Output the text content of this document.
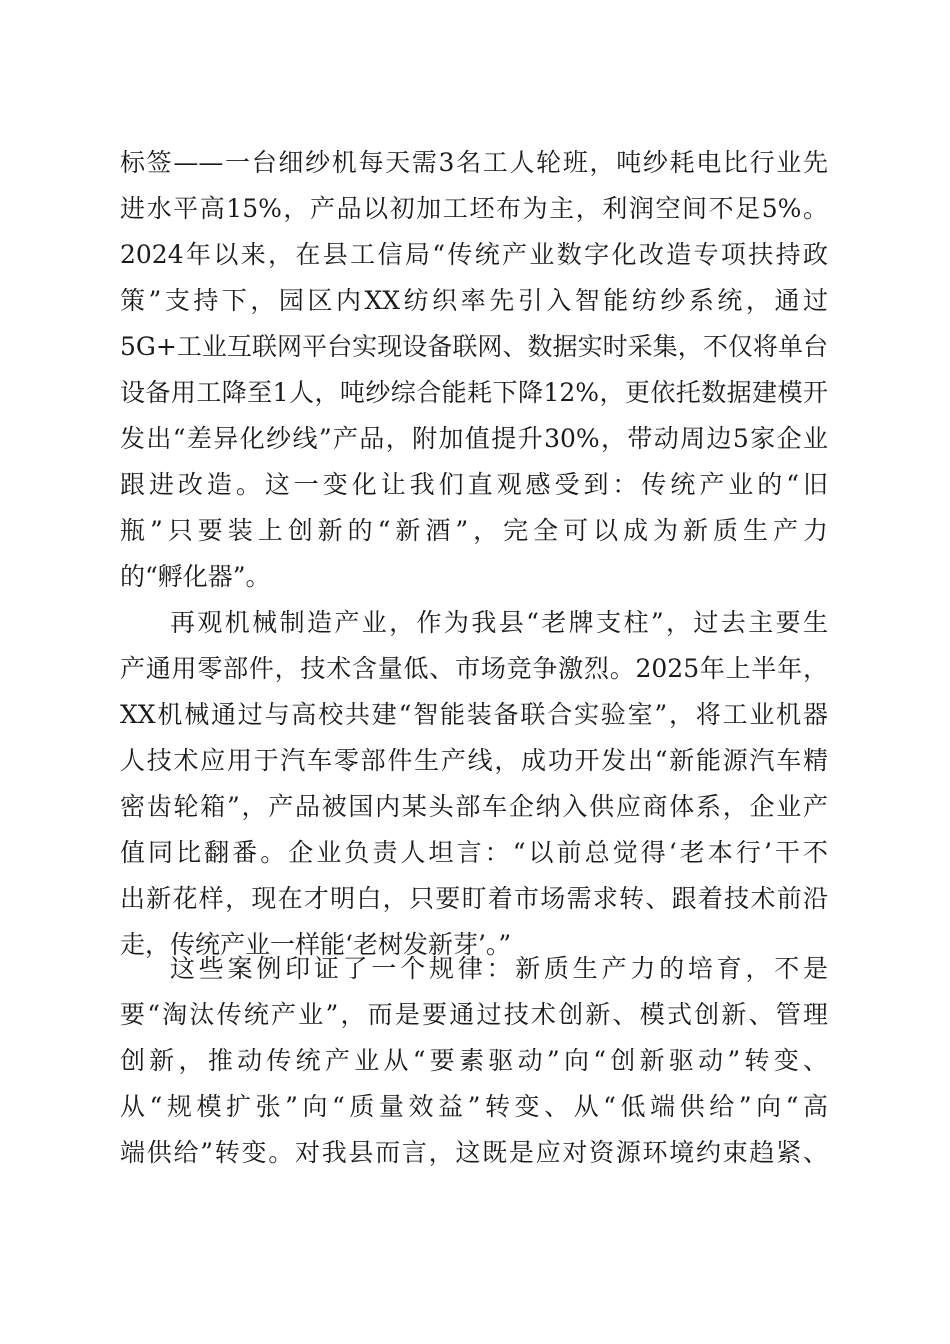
标签——一台细纱机每天需3名工人轮班，吨纱耗电比行业先
进水平高15%，产品以初加工坯布为主，利润空间不足5%。
2024年以来，在县工信局“传统产业数字化改造专项扶持政
策”支持下，园区内XX纺织率先引入智能纺纱系统，通过
5G+工业互联网平台实现设备联网、数据实时采集，不仅将单台
设备用工降至1人，吨纱综合能耗下降12%，更依托数据建模开
发出“差异化纱线”产品，附加值提升30%，带动周边5家企业
跟进改造。这一变化让我们直观感受到：传统产业的“旧
瓶”只要装上创新的“新酒”，完全可以成为新质生产力
的“孵化器”。
再观机械制造产业，作为我县“老牌支柱”，过去主要生
产通用零部件，技术含量低、市场竞争激烈。2025年上半年，
XX机械通过与高校共建“智能装备联合实验室”，将工业机器
人技术应用于汽车零部件生产线，成功开发出“新能源汽车精
密齿轮箱”，产品被国内某头部车企纳入供应商体系，企业产
值同比翻番。企业负责人坦言：“以前总觉得‘老本行’干不
出新花样，现在才明白，只要盯着市场需求转、跟着技术前沿
走，传统产业一样能‘老树发新芽’。”
这些案例印证了一个规律：新质生产力的培育，不是
要“淘汰传统产业”，而是要通过技术创新、模式创新、管理
创新，推动传统产业从“要素驱动”向“创新驱动”转变、
从“规模扩张”向“质量效益”转变、从“低端供给”向“高
端供给”转变。对我县而言，这既是应对资源环境约束趋紧、
